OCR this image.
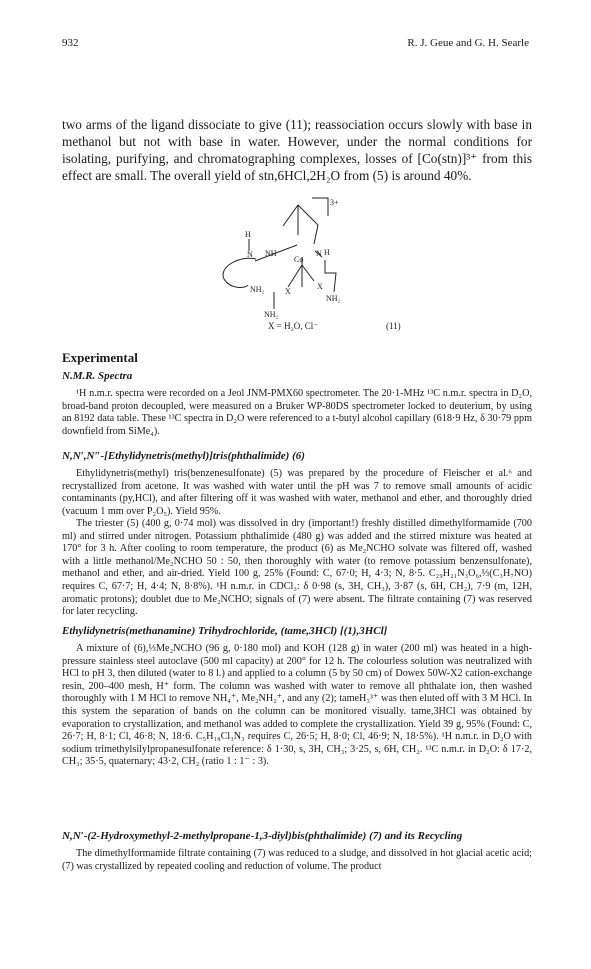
932	R. J. Geue and G. H. Searle

two arms of the ligand dissociate to give (11); reassociation occurs slowly with base in methanol but not with base in water. However, under the normal conditions for isolating, purifying, and chromatographing complexes, losses of [Co(stn)]³⁺ from this effect are small. The overall yield of stn,6HCl,2H₂O from (5) is around 40%.

H
N NH	N H
Co
X
X
NH₂
NH₂
NH₂
3+
X = H₂O, Cl⁻	(11)
Experimental
N.M.R. Spectra

¹H n.m.r. spectra were recorded on a Jeol JNM-PMX60 spectrometer. The 20·1-MHz ¹³C n.m.r. spectra in D₂O, broad-band proton decoupled, were measured on a Bruker WP-80DS spectrometer locked to deuterium, by using an 8192 data table. These ¹³C spectra in D₂O were referenced to a t-butyl alcohol capillary (618·9 Hz, δ 30·79 ppm downfield from SiMe₄).

N,N′,N″-[Ethylidynetris(methyl)]tris(phthalimide) (6)

Ethylidynetris(methyl) tris(benzenesulfonate) (5) was prepared by the procedure of Fleischer et al.⁶ and recrystallized from acetone. It was washed with water until the pH was 7 to remove small amounts of acidic contaminants (py,HCl), and after filtering off it was washed with water, methanol and ether, and thoroughly dried (vacuum 1 mm over P₂O₅). Yield 95%.

The triester (5) (400 g, 0·74 mol) was dissolved in dry (important!) freshly distilled dimethylformamide (700 ml) and stirred under nitrogen. Potassium phthalimide (480 g) was added and the stirred mixture was heated at 170° for 3 h. After cooling to room temperature, the product (6) as Me₂NCHO solvate was filtered off, washed with a little methanol/Me₂NCHO 50 : 50, then thoroughly with water (to remove potassium benzensulfonate), methanol and ether, and air-dried. Yield 100 g, 25% (Found: C, 67·0; H, 4·3; N, 8·5. C₂₉H₂₁N₃O₆,⅓(C₃H₇NO) requires C, 67·7; H, 4·4; N, 8·8%). ¹H n.m.r. in CDCl₃: δ 0·98 (s, 3H, CH₃), 3·87 (s, 6H, CH₂), 7·9 (m, 12H, aromatic protons); doublet due to Me₂NCHO; signals of (7) were absent. The filtrate containing (7) was reserved for later recycling.

Ethylidynetris(methanamine) Trihydrochloride, (tame,3HCl) [(1),3HCl]

A mixture of (6),⅓Me₂NCHO (96 g, 0·180 mol) and KOH (128 g) in water (200 ml) was heated in a high-pressure stainless steel autoclave (500 ml capacity) at 200° for 12 h. The colourless solution was neutralized with HCl to pH 3, then diluted (water to 8 l.) and applied to a column (5 by 50 cm) of Dowex 50W-X2 cation-exchange resin, 200–400 mesh, H⁺ form. The column was washed with water to remove all phthalate ion, then washed thoroughly with 1 M HCl to remove NH₄⁺, Me₂NH₂⁺, and any (2); tameH₃³⁺ was then eluted off with 3 M HCl. In this system the separation of bands on the column can be monitored visually. tame,3HCl was obtained by evaporation to crystallization, and methanol was added to complete the crystallization. Yield 39 g, 95% (Found: C, 26·7; H, 8·1; Cl, 46·8; N, 18·6. C₅H₁₈Cl₃N₃ requires C, 26·5; H, 8·0; Cl, 46·9; N, 18·5%). ¹H n.m.r. in D₂O with sodium trimethylsilylpropanesulfonate reference: δ 1·30, s, 3H, CH₃; 3·25, s, 6H, CH₂. ¹³C n.m.r. in D₂O: δ 17·2, CH₃; 35·5, quaternary; 43·2, CH₂ (ratio 1 : 1⁻ : 3).

N,N′-(2-Hydroxymethyl-2-methylpropane-1,3-diyl)bis(phthalimide) (7) and its Recycling

The dimethylformamide filtrate containing (7) was reduced to a sludge, and dissolved in hot glacial acetic acid; (7) was crystallized by repeated cooling and reduction of volume. The product
